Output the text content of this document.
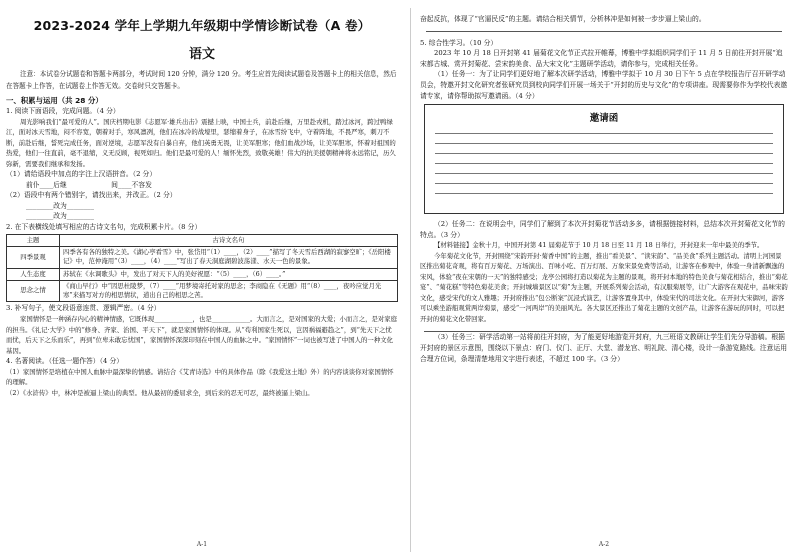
2023-2024 学年上学期九年级期中学情诊断试卷（A 卷）
语文

注意：本试卷分试题卷和答题卡两部分，考试时间 120 分钟，满分 120 分。考生应首先阅读试题卷及答题卡上的相关信息，然后在答题卡上作答，在试题卷上作答无效。交卷时只交答题卡。

一、积累与运用（共 28 分）

1. 阅读下面语段，完成问题。（4 分）

周光影响我们“最可爱的人”。国庆档期电影《志愿军·雄兵出击》震撼上映，中国士兵，前赴后继，万里赴戎机，踏过冰河，跨过鸭绿江，面对冰天雪地，闷不容宽，朝着对手，寒风凛冽，他们在冰冷的战壕里，瑟缩着身子，在冰雪纷飞中，守着阵地，不畏严寒，刺刀不断，前赴后继，誓死完成任务，面对逆境，志愿军没有自暴自弃，他们英勇无畏，让美军胆寒；他们血战沙场，让美军胆寒，怀着对祖国的热爱，他们一往直前，毫不退缩，义无反顾，视死如归。他们是最可爱的人！缅怀先烈，致敬英雄！伟大的抗美援朝精神将永远铭记，历久弥新，需要我们继承和发扬。

（1）请给语段中加点的字注上汉语拼音。（2 分）

前仆____后继	间____不容发

（2）语段中有两个错别字，请找出来，并改正。（2 分）

________改为________

________改为________

2. 在下表横线处填写相应的古诗文名句，完成积累卡片。（8 分）

主题	古诗文名句
四季景观	四季各有各的独特之美。《湖心亭看雪》中，张岱用“（1）____，（2）____”描写了冬天雪后西湖的寂寥空旷；《岳阳楼记》中，范仲淹用“（3）____，（4）____”写出了春天洞庭湖碧波荡漾、水天一色的景象。
人生态度	苏轼在《水调歌头》中，发出了对天下人的美好祝愿：“（5）____，（6）____。”
思念之情	《商山早行》中“因思杜陵梦，（7）____”用梦境寄托对家的思念；李商隐在《无题》用“（8）____，夜吟应觉月光寒”来描写对方的相思情状，道出自己的相思之苦。

3. 补写句子，使文段语意连贯、逻辑严密。（4 分）

家国情怀是一种涵存内心的精神情感，它既体现____________，也是____________。大而言之，是对国家的大爱；小而言之，是对家庭的担当。《礼记·大学》中的“修身、齐家、治国、平天下”，就是家国情怀的体现。从“苟利国家生死以，岂因祸福避趋之”，到“先天下之忧而忧，后天下之乐而乐”，再到“位卑未敢忘忧国”，家国情怀深深印刻在中国人的血脉之中。“家国情怀”一词也被写进了中国人的一种文化基因。

4. 名著阅读。（任选一题作答）（4 分）

（1）家国情怀是培植在中国人血脉中最深挚的情感。请结合《艾青诗选》中的具体作品（除《我爱这土地》外）的内容谈谈你对家国情怀的理解。

（2）《水浒传》中，林冲是被逼上梁山的典型。他从最初的委屈求全，到后来的忍无可忍，最终被逼上梁山。

A-1

奋起反抗，体现了“官逼民反”的主题。请结合相关情节，分析林冲是如何被一步步逼上梁山的。

5. 综合性学习。（10 分）

2023 年 10 月 18 日开封第 41 届菊花文化节正式拉开帷幕，博雅中学拟组织同学们于 11 月 5 日前往开封开展“追宋都古城、赏开封菊花、尝宋韵美食、品大宋文化”主题研学活动，请你参与，完成相关任务。

（1）任务一：为了让同学们更好地了解本次研学活动，博雅中学拟于 10 月 30 日下午 5 点在学校报告厅召开研学动员会，特邀开封文化研究者张研究员到校向同学们开展一场关于“开封的历史与文化”的专项讲座。现需要你作为学校代表邀请专家，请你帮助拟写邀请函。（4 分）

邀请函

（2）任务二：在说明会中，同学们了解到了本次开封菊花节活动多多，请根据链接材料，总结本次开封菊花文化节的特点。（3 分）

【材料链接】金秋十月，中国开封第 41 届菊花节于 10 月 18 日至 11 月 18 日举行，开封迎来一年中最美的季节。

今年菊花文化节，开封围绕“宋韵开封·菊香中国”的主题，推出“看美景”、“读宋韵”、“品美食”系列主题活动。清明上河园景区推出菊花奇观，将有百万菊花、万场演出、百味小吃、百万灯展、万象宋景免费等活动，让游客在参观中，体验一身清新飘逸的宋风，体验“夜在宋朝的一天”的独特感受；龙亭公园将打造以菊花为主题的景观，将开封本地的特色美食与菊花相结合，推出“菊花宴”、“菊花糕”等特色菊花美食；开封城墙景区以“菊”为主题，开展系列菊会活动，有汉服菊展等，让广大游客在观花中，品味宋韵文化，感受宋代的文人雅趣；开封府推出“包公断案”沉浸式演艺，让游客置身其中，体验宋代的司法文化。在开封大宋御河，游客可以乘坐游船观赏两岸菊景，感受“一河两岸”的美丽风光。各大景区还推出了菊花主题的文创产品，让游客在游玩的同时，可以把开封的菊花文化带回家。

（3）任务三：研学活动第一站将前往开封府，为了能更好地游览开封府，九三班语文教研让学生们先分导游稿。根据开封府的景区示意图，围绕以下景点：府门、仪门、正厅、大堂、潜龙宫、明礼院、清心楼，设计一条游览路线。注意运用合理方位词，条理清楚地用文字进行表述，不超过 100 字。（3 分）

A-2
